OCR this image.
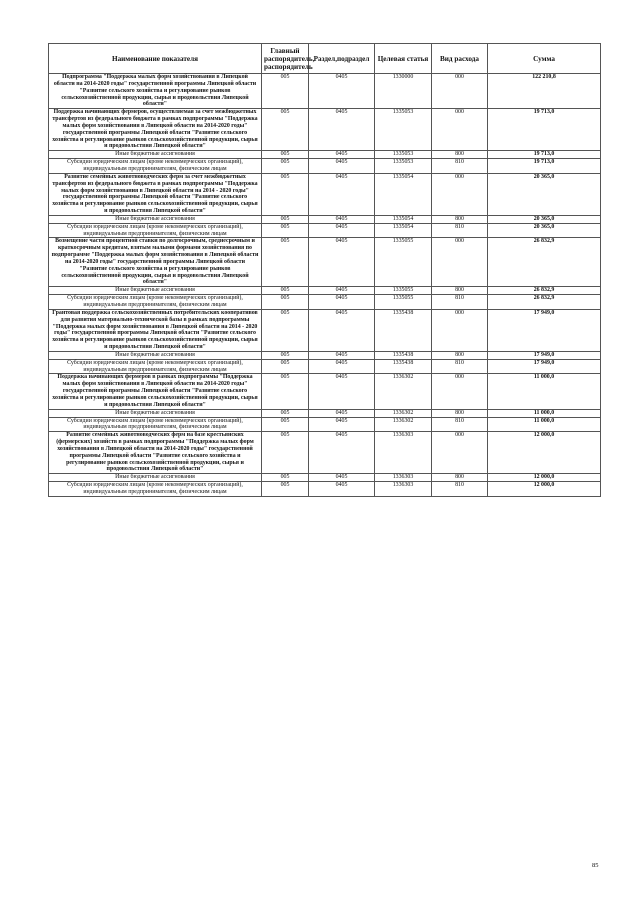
Наименование показателя	Главный распорядитель, распорядитель	Раздел,подраздел	Целевая статья	Вид расхода	Сумма
Подпрограмма "Поддержка малых форм хозяйствования в Липецкой области на 2014-2020 годы" государственной программы Липецкой области "Развитие сельского хозяйства и регулирование рынков сельскохозяйственной продукции, сырья и продовольствия Липецкой области"	005	0405	1330000	000	122 210,8
Поддержка начинающих фермеров, осуществляемая за счет межбюджетных трансфертов из федерального бюджета в рамках подпрограммы "Поддержка малых форм хозяйствования в Липецкой области на 2014-2020 годы" государственной программы Липецкой области "Развитие сельского хозяйства и регулирование рынков сельскохозяйственной продукции, сырья и продовольствия Липецкой области"	005	0405	1335053	000	19 713,0
Иные бюджетные ассигнования	005	0405	1335053	800	19 713,0
Субсидии юридическим лицам (кроме некоммерческих организаций), индивидуальным предпринимателям, физическим лицам	005	0405	1335053	810	19 713,0
Развитие семейных животноводческих ферм за счет межбюджетных трансфертов из федерального бюджета в рамках подпрограммы "Поддержка малых форм хозяйствования в Липецкой области на 2014 - 2020 годы" государственной программы Липецкой области "Развитие сельского хозяйства и регулирование рынков сельскохозяйственной продукции, сырья и продовольствия Липецкой области"	005	0405	1335054	000	20 365,0
Иные бюджетные ассигнования	005	0405	1335054	800	20 365,0
Субсидии юридическим лицам (кроме некоммерческих организаций), индивидуальным предпринимателям, физическим лицам	005	0405	1335054	810	20 365,0
Возмещение части процентной ставки по долгосрочным, среднесрочным и краткосрочным кредитам, взятым малыми формами хозяйствования по подпрограмме "Поддержка малых форм хозяйствования в Липецкой области на 2014-2020 годы" государственной программы Липецкой области "Развитие сельского хозяйства и регулирование рынков сельскохозяйственной продукции, сырья и продовольствия Липецкой области"	005	0405	1335055	000	26 832,9
Иные бюджетные ассигнования	005	0405	1335055	800	26 832,9
Субсидии юридическим лицам (кроме некоммерческих организаций), индивидуальным предпринимателям, физическим лицам	005	0405	1335055	810	26 832,9
Грантовая поддержка сельскохозяйственных потребительских кооперативов для развития материально-технической базы в рамках подпрограммы "Поддержка малых форм хозяйствования в Липецкой области на 2014 - 2020 годы" государственной программы Липецкой области "Развитие сельского хозяйства и регулирование рынков сельскохозяйственной продукции, сырья и продовольствия Липецкой области"	005	0405	1335438	000	17 949,0
Иные бюджетные ассигнования	005	0405	1335438	800	17 949,0
Субсидии юридическим лицам (кроме некоммерческих организаций), индивидуальным предпринимателям, физическим лицам	005	0405	1335438	810	17 949,0
Поддержка начинающих фермеров в рамках подпрограммы "Поддержка малых форм хозяйствования в Липецкой области на 2014-2020 годы" государственной программы Липецкой области "Развитие сельского хозяйства и регулирование рынков сельскохозяйственной продукции, сырья и продовольствия Липецкой области"	005	0405	1336302	000	11 000,0
Иные бюджетные ассигнования	005	0405	1336302	800	11 000,0
Субсидии юридическим лицам (кроме некоммерческих организаций), индивидуальным предпринимателям, физическим лицам	005	0405	1336302	810	11 000,0
Развитие семейных животноводческих ферм на базе крестьянских (фермерских) хозяйств в рамках подпрограммы "Поддержка малых форм хозяйствования в Липецкой области на 2014-2020 годы" государственной программы Липецкой области "Развитие сельского хозяйства и регулирование рынков сельскохозяйственной продукции, сырья и продовольствия Липецкой области"	005	0405	1336303	000	12 000,0
Иные бюджетные ассигнования	005	0405	1336303	800	12 000,0
Субсидии юридическим лицам (кроме некоммерческих организаций), индивидуальным предпринимателям, физическим лицам	005	0405	1336303	810	12 000,0
85
